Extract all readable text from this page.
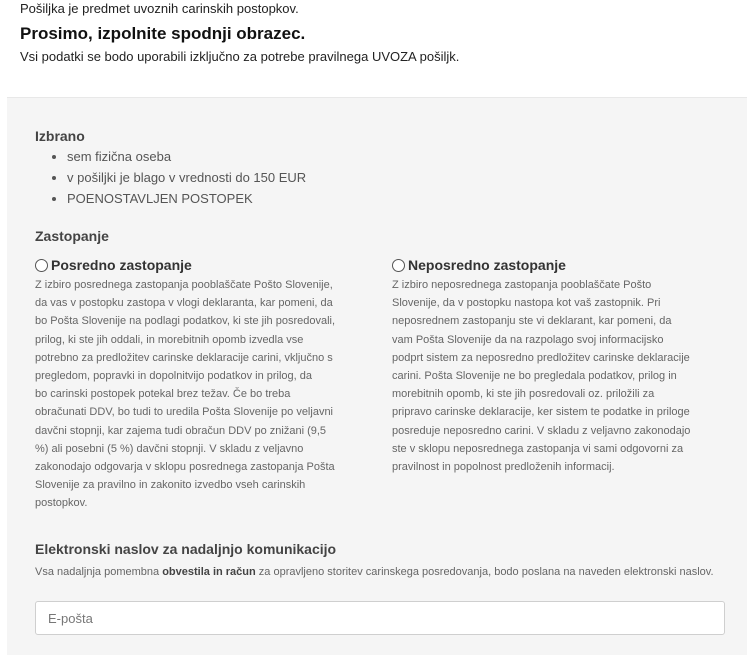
Pošiljka je predmet uvoznih carinskih postopkov.
Prosimo, izpolnite spodnji obrazec.
Vsi podatki se bodo uporabili izključno za potrebe pravilnega UVOZA pošiljk.
Izbrano
• sem fizična oseba
• v pošiljki je blago v vrednosti do 150 EUR
• POENOSTAVLJEN POSTOPEK
Zastopanje
Posredno zastopanje
Z izbiro posrednega zastopanja pooblaščate Pošto Slovenije,
da vas v postopku zastopa v vlogi deklaranta, kar pomeni, da
bo Pošta Slovenije na podlagi podatkov, ki ste jih posredovali,
prilog, ki ste jih oddali, in morebitnih opomb izvedla vse
potrebno za predložitev carinske deklaracije carini, vključno s
pregledom, popravki in dopolnitvijo podatkov in prilog, da
bo carinski postopek potekal brez težav. Če bo treba
obračunati DDV, bo tudi to uredila Pošta Slovenije po veljavni
davčni stopnji, kar zajema tudi obračun DDV po znižani (9,5
%) ali posebni (5 %) davčni stopnji. V skladu z veljavno
zakonodajo odgovarja v sklopu posrednega zastopanja Pošta
Slovenije za pravilno in zakonito izvedbo vseh carinskih
postopkov.
Neposredno zastopanje
Z izbiro neposrednega zastopanja pooblaščate Pošto
Slovenije, da v postopku nastopa kot vaš zastopnik. Pri
neposrednem zastopanju ste vi deklarant, kar pomeni, da
vam Pošta Slovenije da na razpolago svoj informacijsko
podprt sistem za neposredno predložitev carinske deklaracije
carini. Pošta Slovenije ne bo pregledala podatkov, prilog in
morebitnih opomb, ki ste jih posredovali oz. priložili za
pripravo carinske deklaracije, ker sistem te podatke in priloge
posreduje neposredno carini. V skladu z veljavno zakonodajo
ste v sklopu neposrednega zastopanja vi sami odgovorni za
pravilnost in popolnost predloženih informacij.
Elektronski naslov za nadaljnjo komunikacijo
Vsa nadaljnja pomembna obvestila in račun za opravljeno storitev carinskega posredovanja, bodo poslana na naveden elektronski naslov.
E-pošta
